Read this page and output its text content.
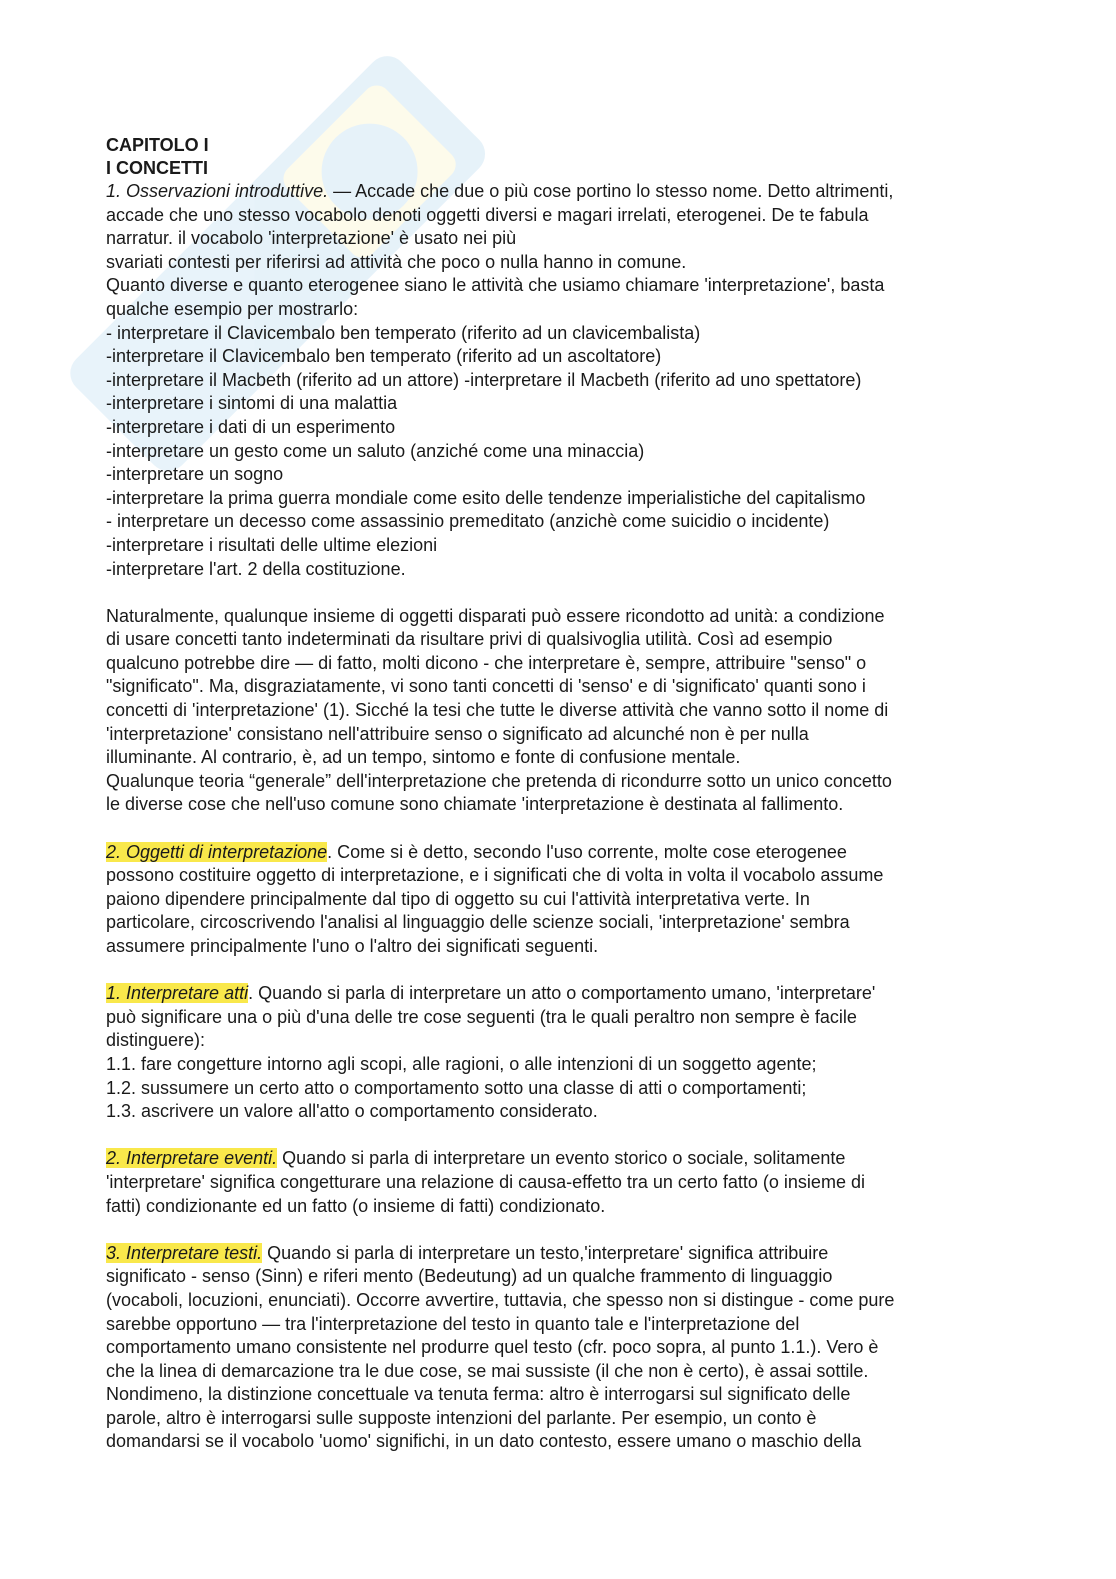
CAPITOLO I

I CONCETTI

1. Osservazioni introduttive. — Accade che due o più cose portino lo stesso nome. Detto altrimenti,

accade che uno stesso vocabolo denoti oggetti diversi e magari irrelati, eterogenei. De te fabula

narratur. il vocabolo 'interpretazione' è usato nei più

svariati contesti per riferirsi ad attività che poco o nulla hanno in comune.

Quanto diverse e quanto eterogenee siano le attività che usiamo chiamare 'interpretazione', basta

qualche esempio per mostrarlo:

- interpretare il Clavicembalo ben temperato (riferito ad un clavicembalista)

-interpretare il Clavicembalo ben temperato (riferito ad un ascoltatore)

-interpretare il Macbeth (riferito ad un attore) -interpretare il Macbeth (riferito ad uno spettatore)

-interpretare i sintomi di una malattia

-interpretare i dati di un esperimento

-interpretare un gesto come un saluto (anziché come una minaccia)

-interpretare un sogno

-interpretare la prima guerra mondiale come esito delle tendenze imperialistiche del capitalismo

- interpretare un decesso come assassinio premeditato (anzichè come suicidio o incidente)

-interpretare i risultati delle ultime elezioni

-interpretare l'art. 2 della costituzione.

Naturalmente, qualunque insieme di oggetti disparati può essere ricondotto ad unità: a condizione

di usare concetti tanto indeterminati da risultare privi di qualsivoglia utilità. Così ad esempio

qualcuno potrebbe dire — di fatto, molti dicono - che interpretare è, sempre, attribuire "senso" o

"significato". Ma, disgraziatamente, vi sono tanti concetti di 'senso' e di 'significato' quanti sono i

concetti di 'interpretazione' (1). Sicché la tesi che tutte le diverse attività che vanno sotto il nome di

'interpretazione' consistano nell'attribuire senso o significato ad alcunché non è per nulla

illuminante. Al contrario, è, ad un tempo, sintomo e fonte di confusione mentale.

Qualunque teoria “generale” dell'interpretazione che pretenda di ricondurre sotto un unico concetto

le diverse cose che nell'uso comune sono chiamate 'interpretazione è destinata al fallimento.

2. Oggetti di interpretazione. Come si è detto, secondo l'uso corrente, molte cose eterogenee

possono costituire oggetto di interpretazione, e i significati che di volta in volta il vocabolo assume

paiono dipendere principalmente dal tipo di oggetto su cui l'attività interpretativa verte. In

particolare, circoscrivendo l'analisi al linguaggio delle scienze sociali, 'interpretazione' sembra

assumere principalmente l'uno o l'altro dei significati seguenti.

1. Interpretare atti. Quando si parla di interpretare un atto o comportamento umano, 'interpretare'

può significare una o più d'una delle tre cose seguenti (tra le quali peraltro non sempre è facile

distinguere):

1.1. fare congetture intorno agli scopi, alle ragioni, o alle intenzioni di un soggetto agente;

1.2. sussumere un certo atto o comportamento sotto una classe di atti o comportamenti;

1.3. ascrivere un valore all'atto o comportamento considerato.

2. Interpretare eventi. Quando si parla di interpretare un evento storico o sociale, solitamente

'interpretare' significa congetturare una relazione di causa-effetto tra un certo fatto (o insieme di

fatti) condizionante ed un fatto (o insieme di fatti) condizionato.

3. Interpretare testi. Quando si parla di interpretare un testo,'interpretare' significa attribuire

significato - senso (Sinn) e riferi mento (Bedeutung) ad un qualche frammento di linguaggio

(vocaboli, locuzioni, enunciati). Occorre avvertire, tuttavia, che spesso non si distingue - come pure

sarebbe opportuno — tra l'interpretazione del testo in quanto tale e l'interpretazione del

comportamento umano consistente nel produrre quel testo (cfr. poco sopra, al punto 1.1.). Vero è

che la linea di demarcazione tra le due cose, se mai sussiste (il che non è certo), è assai sottile.

Nondimeno, la distinzione concettuale va tenuta ferma: altro è interrogarsi sul significato delle

parole, altro è interrogarsi sulle supposte intenzioni del parlante. Per esempio, un conto è

domandarsi se il vocabolo 'uomo' significhi, in un dato contesto, essere umano o maschio della
